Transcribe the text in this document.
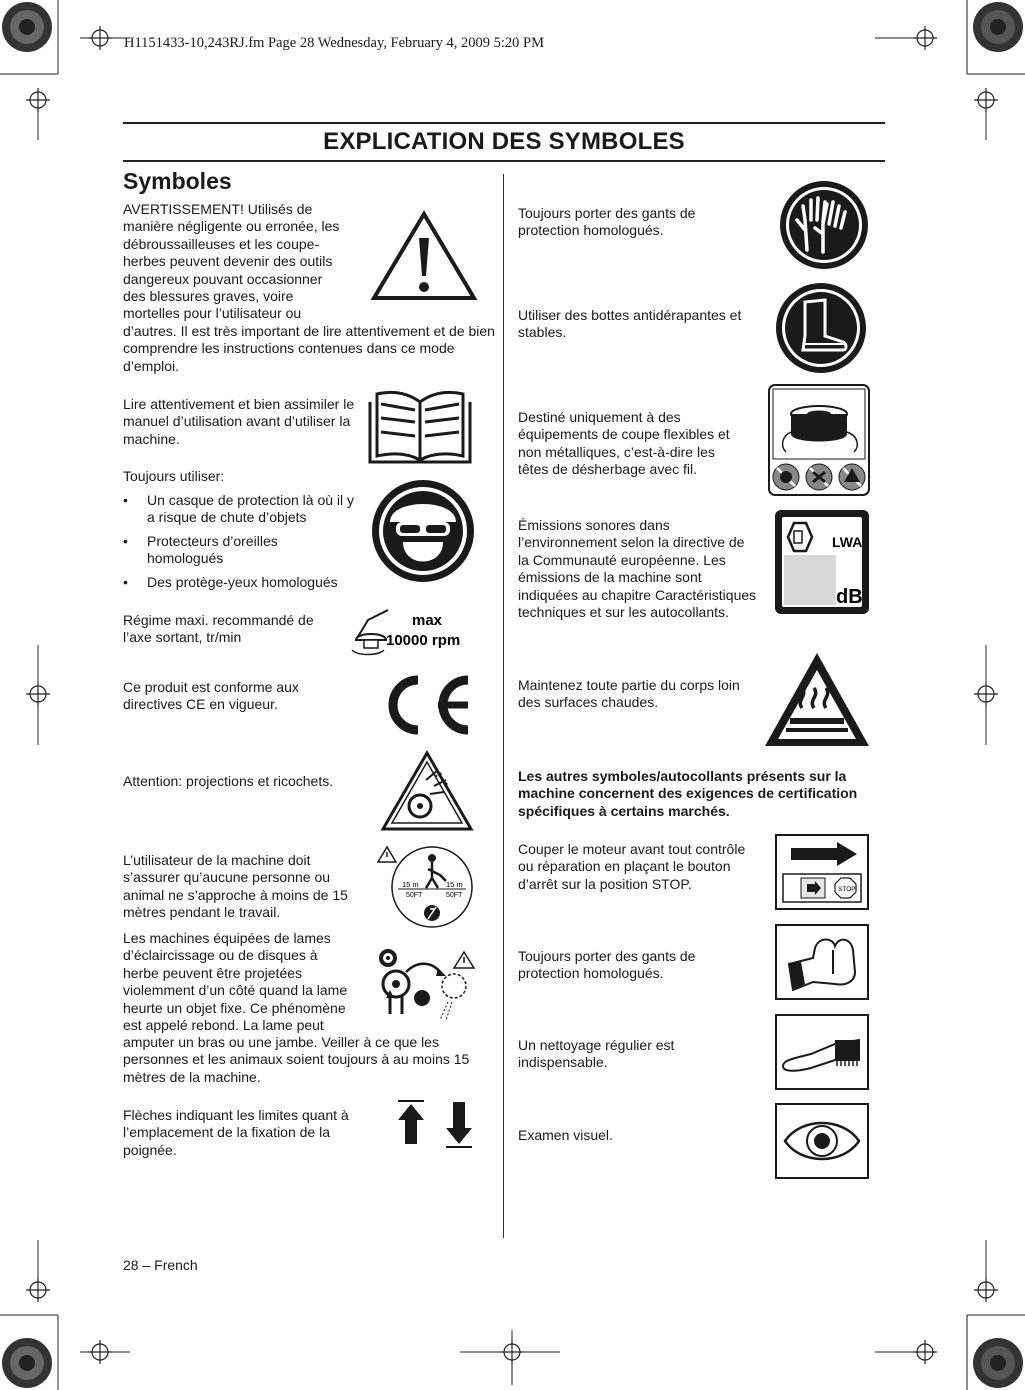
H1151433-10,243RJ.fm Page 28 Wednesday, February 4, 2009 5:20 PM
EXPLICATION DES SYMBOLES
Symboles
AVERTISSEMENT! Utilisés de
manière négligente ou erronée, les
débroussailleuses et les coupe-
herbes peuvent devenir des outils
dangereux pouvant occasionner
des blessures graves, voire
mortelles pour l’utilisateur ou
d’autres. Il est très important de lire attentivement et de bien comprendre les instructions contenues dans ce mode d’emploi.
Lire attentivement et bien assimiler le manuel d’utilisation avant d’utiliser la machine.
Toujours utiliser:
• Un casque de protection là où il y a risque de chute d’objets
• Protecteurs d’oreilles homologués
• Des protège-yeux homologués
Régime maxi. recommandé de l’axe sortant, tr/min
max
10000 rpm
Ce produit est conforme aux directives CE en vigueur.
Attention: projections et ricochets.
L’utilisateur de la machine doit s’assurer qu’aucune personne ou animal ne s’approche à moins de 15 mètres pendant le travail.
15 m	15 m
50FT	50FT
Les machines équipées de lames
d’éclaircissage ou de disques à
herbe peuvent être projetées
violemment d’un côté quand la lame
heurte un objet fixe. Ce phénomène
est appelé rebond. La lame peut
amputer un bras ou une jambe. Veiller à ce que les personnes et les animaux soient toujours à au moins 15 mètres de la machine.
Flèches indiquant les limites quant à l’emplacement de la fixation de la poignée.
Toujours porter des gants de protection homologués.
Utiliser des bottes antidérapantes et stables.
Destiné uniquement à des équipements de coupe flexibles et non métalliques, c’est-à-dire les têtes de désherbage avec fil.
Émissions sonores dans l’environnement selon la directive de la Communauté européenne. Les émissions de la machine sont indiquées au chapitre Caractéristiques techniques et sur les autocollants.
LWA
dB
Maintenez toute partie du corps loin des surfaces chaudes.
Les autres symboles/autocollants présents sur la machine concernent des exigences de certification spécifiques à certains marchés.
Couper le moteur avant tout contrôle ou réparation en plaçant le bouton d’arrêt sur la position STOP.	STOP
Toujours porter des gants de protection homologués.
Un nettoyage régulier est indispensable.
Examen visuel.
28 – French
